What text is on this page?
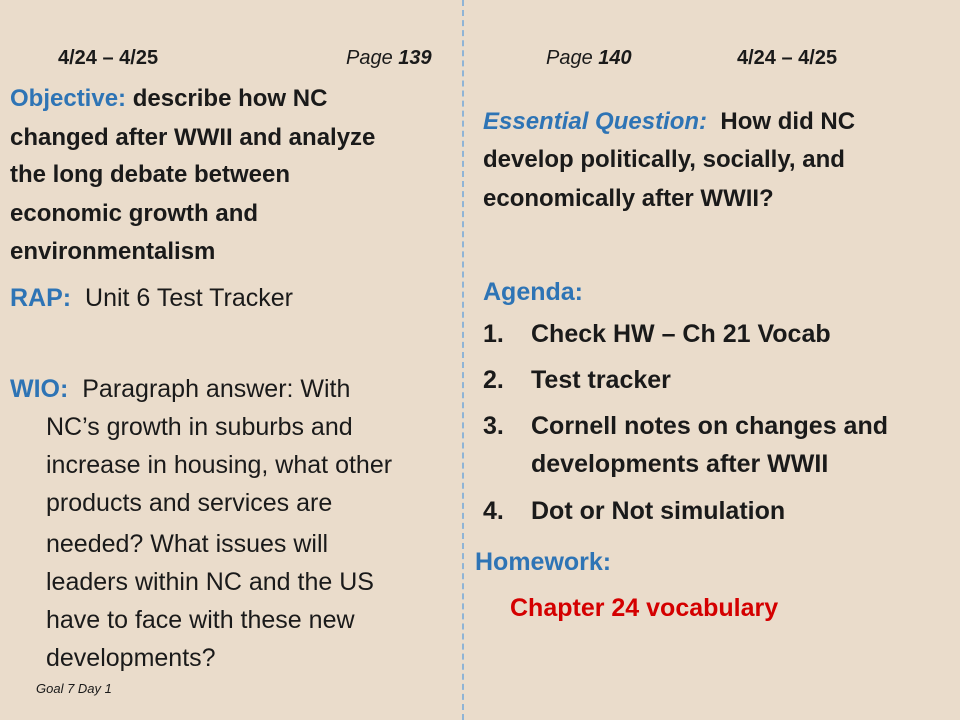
4/24 – 4/25	Page 139
Objective: describe how NC
changed after WWII and analyze
the long debate between
economic growth and
environmentalism
RAP: Unit 6 Test Tracker
WIO: Paragraph answer: With
NC’s growth in suburbs and
increase in housing, what other
products and services are
needed? What issues will
leaders within NC and the US
have to face with these new
developments?
Goal 7 Day 1
Page 140	4/24 – 4/25
Essential Question: How did NC
develop politically, socially, and
economically after WWII?
Agenda:
1. Check HW – Ch 21 Vocab
2. Test tracker
3. Cornell notes on changes and
developments after WWII
4. Dot or Not simulation
Homework:
Chapter 24 vocabulary
